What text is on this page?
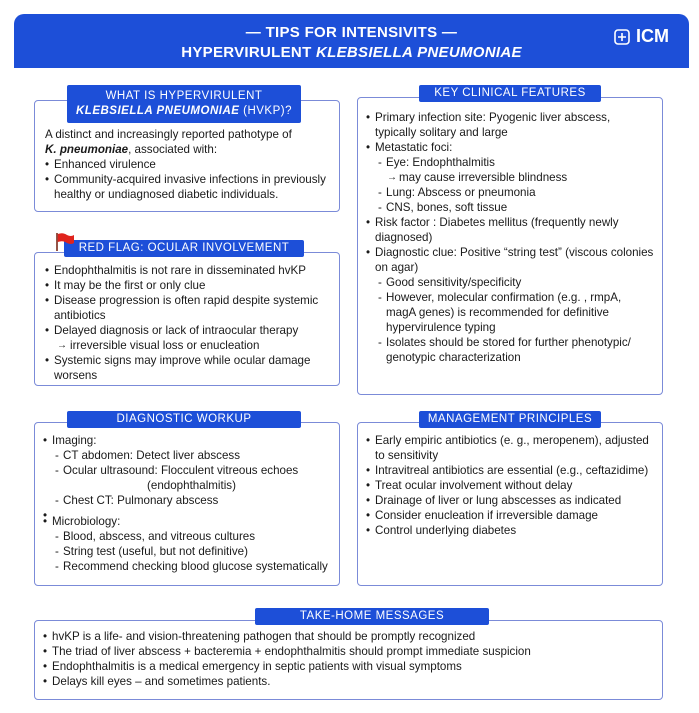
— TIPS FOR INTENSIVITS —
HYPERVIRULENT KLEBSIELLA PNEUMONIAE
ICM
A distinct and increasingly reported pathotype of
K. pneumoniae, associated with:
• Enhanced virulence
• Community-acquired invasive infections in previously healthy or undiagnosed diabetic individuals.
WHAT IS HYPERVIRULENT
KLEBSIELLA PNEUMONIAE (HVKP)?
• Endophthalmitis is not rare in disseminated hvKP
• It may be the first or only clue
• Disease progression is often rapid despite systemic antibiotics
• Delayed diagnosis or lack of intraocular therapy
→ irreversible visual loss or enucleation
• Systemic signs may improve while ocular damage worsens
RED FLAG: OCULAR INVOLVEMENT
• Primary infection site: Pyogenic liver abscess, typically solitary and large
• Metastatic foci:
- Eye: Endophthalmitis
→ may cause irreversible blindness
- Lung: Abscess or pneumonia
- CNS, bones, soft tissue
• Risk factor : Diabetes mellitus (frequently newly diagnosed)
• Diagnostic clue: Positive “string test” (viscous colonies on agar)
- Good sensitivity/specificity
- However, molecular confirmation (e.g. , rmpA, magA genes) is recommended for definitive hypervirulence typing
- Isolates should be stored for further phenotypic/ genotypic characterization
KEY CLINICAL FEATURES
• Imaging:
- CT abdomen: Detect liver abscess
- Ocular ultrasound: Flocculent vitreous echoes
(endophthalmitis)
- Chest CT: Pulmonary abscess
•
• Microbiology:
- Blood, abscess, and vitreous cultures
- String test (useful, but not definitive)
- Recommend checking blood glucose systematically
DIAGNOSTIC WORKUP
• Early empiric antibiotics (e. g., meropenem), adjusted to sensitivity
• Intravitreal antibiotics are essential (e.g., ceftazidime)
• Treat ocular involvement without delay
• Drainage of liver or lung abscesses as indicated
• Consider enucleation if irreversible damage
• Control underlying diabetes
MANAGEMENT PRINCIPLES
• hvKP is a life- and vision-threatening pathogen that should be promptly recognized
• The triad of liver abscess + bacteremia + endophthalmitis should prompt immediate suspicion
• Endophthalmitis is a medical emergency in septic patients with visual symptoms
• Delays kill eyes – and sometimes patients.
TAKE-HOME MESSAGES
